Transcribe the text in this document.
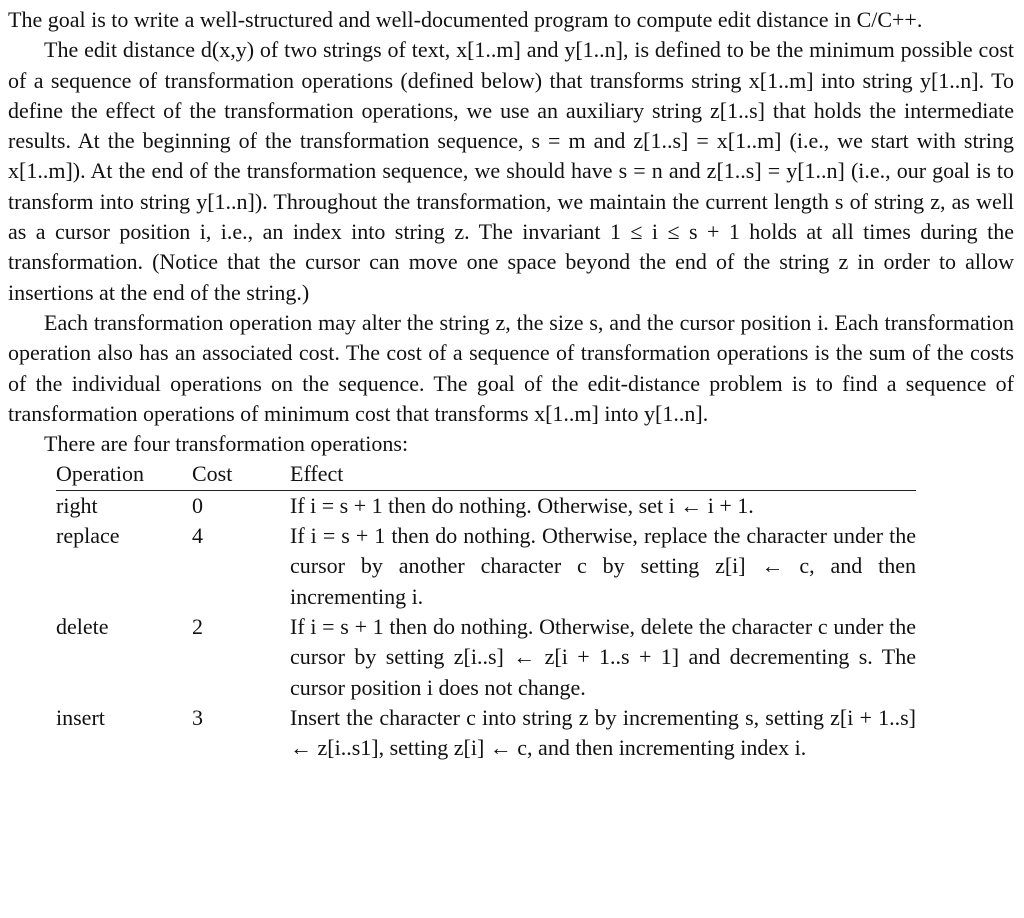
The goal is to write a well-structured and well-documented program to compute edit distance in C/C++.

The edit distance d(x,y) of two strings of text, x[1..m] and y[1..n], is defined to be the minimum possible cost of a sequence of transformation operations (defined below) that transforms string x[1..m] into string y[1..n]. To define the effect of the transformation operations, we use an auxiliary string z[1..s] that holds the intermediate results. At the beginning of the transformation sequence, s = m and z[1..s] = x[1..m] (i.e., we start with string x[1..m]). At the end of the transformation sequence, we should have s = n and z[1..s] = y[1..n] (i.e., our goal is to transform into string y[1..n]). Throughout the transformation, we maintain the current length s of string z, as well as a cursor position i, i.e., an index into string z. The invariant 1 ≤ i ≤ s + 1 holds at all times during the transformation. (Notice that the cursor can move one space beyond the end of the string z in order to allow insertions at the end of the string.)

Each transformation operation may alter the string z, the size s, and the cursor position i. Each transformation operation also has an associated cost. The cost of a sequence of transformation operations is the sum of the costs of the individual operations on the sequence. The goal of the edit-distance problem is to find a sequence of transformation operations of minimum cost that transforms x[1..m] into y[1..n].

There are four transformation operations:

Operation	Cost	Effect
right	0	If i = s + 1 then do nothing. Otherwise, set i ← i + 1.
replace	4	If i = s + 1 then do nothing. Otherwise, replace the character under the cursor by another character c by setting z[i] ← c, and then incrementing i.
delete	2	If i = s + 1 then do nothing. Otherwise, delete the character c under the cursor by setting z[i..s] ← z[i + 1..s + 1] and decrementing s. The cursor position i does not change.
insert	3	Insert the character c into string z by incrementing s, setting z[i + 1..s] ← z[i..s1], setting z[i] ← c, and then incrementing index i.
